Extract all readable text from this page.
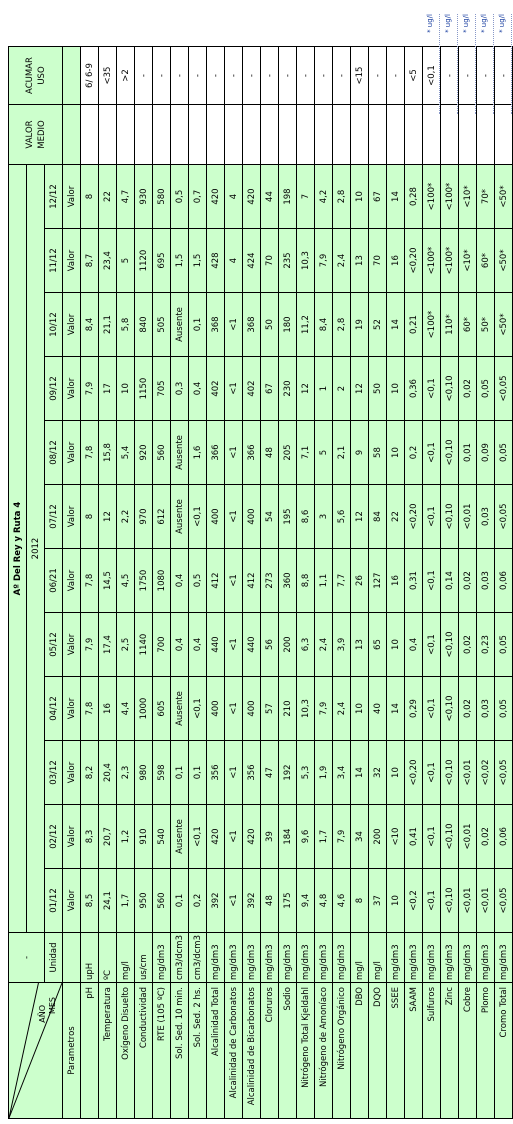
AÑO MES	-	Aº Del Rey y Ruta 4												VALOR MEDIO	ACUMAR USO
		2012													
	Unidad	01/12	02/12	03/12	04/12	05/12	06/21	07/12	08/12	09/12	10/12	11/12	12/12		
Parametros		Valor	Valor	Valor	Valor	Valor	Valor	Valor	Valor	Valor	Valor	Valor	Valor		
pH	upH	8,5	8,3	8,2	7,8	7,9	7,8	8	7,8	7,9	8,4	8,7	8		6/ 6-9
Temperatura	ºC	24,1	20,7	20,4	16	17,4	14,5	12	15,8	17	21,1	23,4	22		<35
Oxígeno Disuelto	mg/l	1,7	1,2	2,3	4,4	2,5	4,5	2,2	5,4	10	5,8	5	4,7		>2
Conductividad	us/cm	950	910	980	1000	1140	1750	970	920	1150	840	1120	930		-
RTE (105 ºC)	mg/dm3	560	540	598	605	700	1080	612	560	705	505	695	580		-
Sol. Sed. 10 min.	cm3/dcm3	0,1	Ausente	0,1	Ausente	0,4	0,4	Ausente	Ausente	0,3	Ausente	1,5	0,5		-
Sol. Sed. 2 hs.	cm3/dcm3	0,2	<0,1	0,1	<0,1	0,4	0,5	<0,1	1,6	0,4	0,1	1,5	0,7		-
Alcalinidad Total	mg/dm3	392	420	356	400	440	412	400	366	402	368	428	420		-
Alcalinidad de Carbonatos	mg/dm3	<1	<1	<1	<1	<1	<1	<1	<1	<1	<1	4	4		-
Alcalinidad de Bicarbonatos	mg/dm3	392	420	356	400	440	412	400	366	402	368	424	420		-
Cloruros	mg/dm3	48	39	47	57	56	273	54	48	67	50	70	44		-
Sodio	mg/dm3	175	184	192	210	200	360	195	205	230	180	235	198		-
Nitrógeno Total Kjeldahl	mg/dm3	9,4	9,6	5,3	10,3	6,3	8,8	8,6	7,1	12	11,2	10,3	7		-
Nitrógeno de Amoníaco	mg/dm3	4,8	1,7	1,9	7,9	2,4	1,1	3	5	1	8,4	7,9	4,2		-
Nitrógeno Orgánico	mg/dm3	4,6	7,9	3,4	2,4	3,9	7,7	5,6	2,1	2	2,8	2,4	2,8		-
DBO	mg/l	8	34	14	10	13	26	12	9	12	19	13	10		<15
DQO	mg/l	37	200	32	40	65	127	84	58	50	52	70	67		-
SSEE	mg/dm3	10	<10	10	14	10	16	22	10	10	14	16	14		-
SAAM	mg/dm3	<0,2	0,41	<0,20	0,29	0,4	0,31	<0,20	0,2	0,36	0,21	<0,20	0,28		<5
Sulfuros	mg/dm3	<0,1	<0,1	<0,1	<0,1	<0,1	<0,1	<0,1	<0,1	<0,1	<100*	<100*	<100*		<0,1
Zinc	mg/dm3	<0,10	<0,10	<0,10	<0,10	<0,10	0,14	<0,10	<0,10	<0,10	110*	<100*	<100*		-
Cobre	mg/dm3	<0,01	<0,01	<0,01	0,02	0,02	0,02	<0,01	0,01	0,02	60*	<10*	<10*		-
Plomo	mg/dm3	<0,01	0,02	<0,02	0,03	0,23	0,03	0,03	0,09	0,05	50*	60*	70*		-
Cromo Total	mg/dm3	<0,05	0,06	<0,05	0,05	0,05	0,06	<0,05	0,05	<0,05	<50*	<50*	<50*		-
* ug/l	* ug/l	* ug/l	* ug/l	* ug/l
